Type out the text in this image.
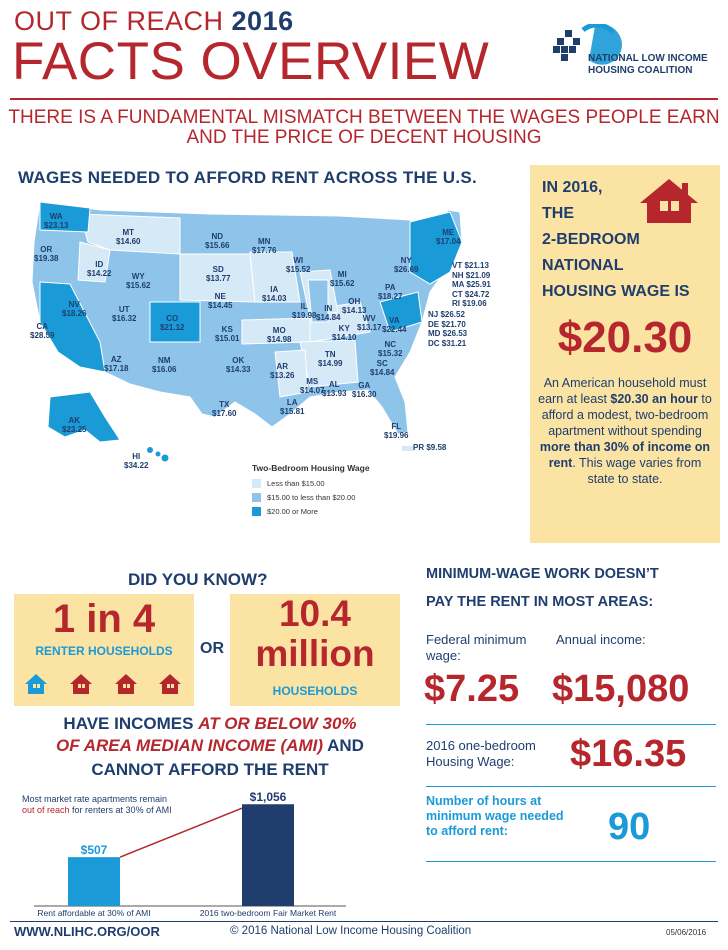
OUT OF REACH 2016
FACTS OVERVIEW	NATIONAL LOW INCOME HOUSING COALITION
THERE IS A FUNDAMENTAL MISMATCH BETWEEN THE WAGES PEOPLE EARN
AND THE PRICE OF DECENT HOUSING
WAGES NEEDED TO AFFORD RENT ACROSS THE U.S.
WA
$23.13
OR
$19.38
CA
$28.59
NV
$18.26
ID
$14.22
MT
$14.60
WY
$15.62
UT
$16.32
AZ
$17.18
CO
$21.12
NM
$16.06
ND
$15.66
SD
$13.77
NE
$14.45
KS
$15.01
OK
$14.33
TX
$17.60
MN
$17.76
IA
$14.03
MO
$14.98
AR
$13.26
LA
$15.81
WI
$15.52
IL
$19.98
MI
$15.62
IN
$14.84
OH
$14.13
KY
$14.10
TN
$14.99
MS
$14.07
AL
$13.93
GA
$16.30
FL
$19.96
SC
$14.84
NC
$15.32
VA
$22.44
WV
$13.17
PA
$18.27
NY
$26.69
ME
$17.04
AK
$23.25
HI
$34.22
PR $9.58
VT $21.13
NH $21.09
MA $25.91
CT $24.72
RI $19.06
NJ $26.52
DE $21.70
MD $26.53
DC $31.21
Two-Bedroom Housing Wage
Less than $15.00
$15.00 to less than $20.00
$20.00 or More
IN 2016,
THE
2-BEDROOM
NATIONAL
HOUSING WAGE IS
$20.30
An American household must earn at least $20.30 an hour to afford a modest, two-bedroom apartment without spending more than 30% of income on rent. This wage varies from state to state.
DID YOU KNOW?
1 in 4
RENTER HOUSEHOLDS	OR
10.4
million
HOUSEHOLDS
HAVE INCOMES AT OR BELOW 30%
OF AREA MEDIAN INCOME (AMI) AND
CANNOT AFFORD THE RENT
$507
Rent affordable at 30% of AMI
$1,056
2016 two-bedroom Fair Market Rent
Most market rate apartments remain out of reach for renters at 30% of AMI
MINIMUM-WAGE WORK DOESN’T
PAY THE RENT IN MOST AREAS:
Federal minimum wage:
Annual income:
$7.25 $15,080
2016 one-bedroom Housing Wage:	$16.35
Number of hours at minimum wage needed to afford rent:	90
WWW.NLIHC.ORG/OOR	© 2016 National Low Income Housing Coalition	05/06/2016
